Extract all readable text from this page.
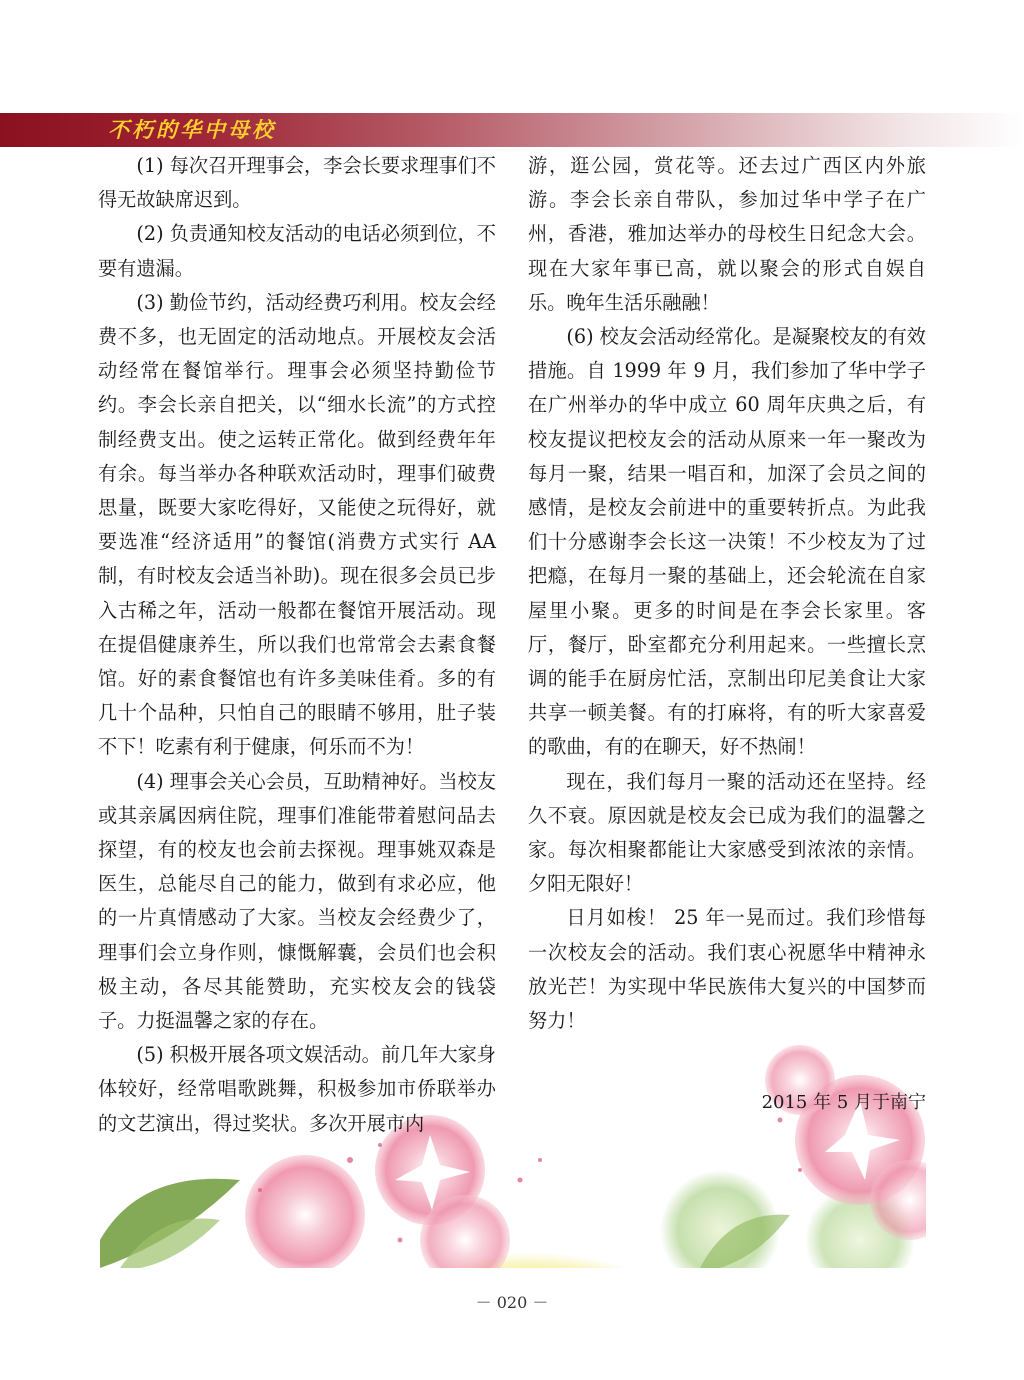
不朽的华中母校

(1) 每次召开理事会，李会长要求理事们不得无故缺席迟到。

(2) 负责通知校友活动的电话必须到位，不要有遗漏。

(3) 勤俭节约，活动经费巧利用。校友会经费不多，也无固定的活动地点。开展校友会活动经常在餐馆举行。理事会必须坚持勤俭节约。李会长亲自把关，以“细水长流”的方式控制经费支出。使之运转正常化。做到经费年年有余。每当举办各种联欢活动时，理事们破费思量，既要大家吃得好，又能使之玩得好，就要选准“经济适用”的餐馆(消费方式实行 AA 制，有时校友会适当补助)。现在很多会员已步入古稀之年，活动一般都在餐馆开展活动。现在提倡健康养生，所以我们也常常会去素食餐馆。好的素食餐馆也有许多美味佳肴。多的有几十个品种，只怕自己的眼睛不够用，肚子装不下！吃素有利于健康，何乐而不为！

(4) 理事会关心会员，互助精神好。当校友或其亲属因病住院，理事们准能带着慰问品去探望，有的校友也会前去探视。理事姚双森是医生，总能尽自己的能力，做到有求必应，他的一片真情感动了大家。当校友会经费少了，理事们会立身作则，慷慨解囊，会员们也会积极主动，各尽其能赞助，充实校友会的钱袋子。力挺温馨之家的存在。

(5) 积极开展各项文娱活动。前几年大家身体较好，经常唱歌跳舞，积极参加市侨联举办的文艺演出，得过奖状。多次开展市内

游，逛公园，赏花等。还去过广西区内外旅游。李会长亲自带队，参加过华中学子在广州，香港，雅加达举办的母校生日纪念大会。现在大家年事已高，就以聚会的形式自娱自乐。晚年生活乐融融！

(6) 校友会活动经常化。是凝聚校友的有效措施。自 1999 年 9 月，我们参加了华中学子在广州举办的华中成立 60 周年庆典之后，有校友提议把校友会的活动从原来一年一聚改为每月一聚，结果一唱百和，加深了会员之间的感情，是校友会前进中的重要转折点。为此我们十分感谢李会长这一决策！不少校友为了过把瘾，在每月一聚的基础上，还会轮流在自家屋里小聚。更多的时间是在李会长家里。客厅，餐厅，卧室都充分利用起来。一些擅长烹调的能手在厨房忙活，烹制出印尼美食让大家共享一顿美餐。有的打麻将，有的听大家喜爱的歌曲，有的在聊天，好不热闹！

现在，我们每月一聚的活动还在坚持。经久不衰。原因就是校友会已成为我们的温馨之家。每次相聚都能让大家感受到浓浓的亲情。夕阳无限好！

日月如梭！ 25 年一晃而过。我们珍惜每一次校友会的活动。我们衷心祝愿华中精神永放光芒！为实现中华民族伟大复兴的中国梦而努力！

2015 年 5 月于南宁
－ 020 －
